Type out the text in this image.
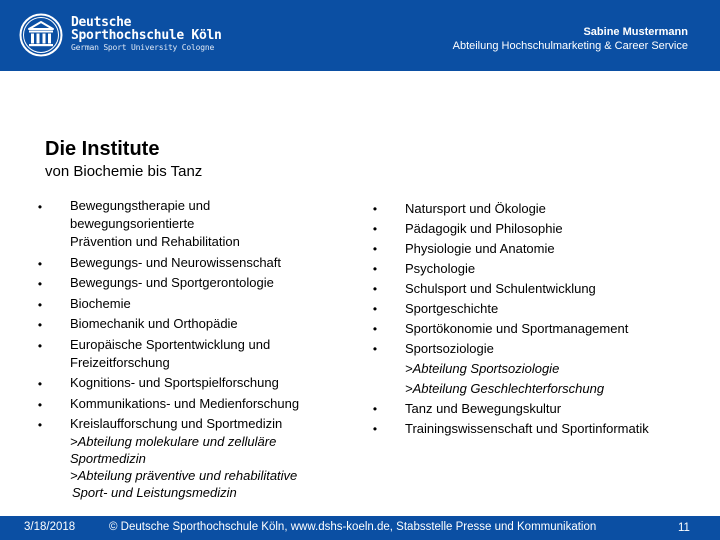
Deutsche
Sporthochschule Köln
German Sport University Cologne
Sabine Mustermann
Abteilung Hochschulmarketing & Career Service
Die Institute
von Biochemie bis Tanz
• Bewegungstherapie und
bewegungsorientierte
Prävention und Rehabilitation
• Bewegungs- und Neurowissenschaft
• Bewegungs- und Sportgerontologie
• Biochemie
• Biomechanik und Orthopädie
• Europäische Sportentwicklung und
Freizeitforschung
• Kognitions- und Sportspielforschung
• Kommunikations- und Medienforschung
• Kreislaufforschung und Sportmedizin
>Abteilung molekulare und zelluläre
Sportmedizin
>Abteilung präventive und rehabilitative
Sport- und Leistungsmedizin
• Natursport und Ökologie
• Pädagogik und Philosophie
• Physiologie und Anatomie
• Psychologie
• Schulsport und Schulentwicklung
• Sportgeschichte
• Sportökonomie und Sportmanagement
• Sportsoziologie
>Abteilung Sportsoziologie
>Abteilung Geschlechterforschung
• Tanz und Bewegungskultur
• Trainingswissenschaft und Sportinformatik
3/18/2018	© Deutsche Sporthochschule Köln, www.dshs-koeln.de, Stabsstelle Presse und Kommunikation	11
